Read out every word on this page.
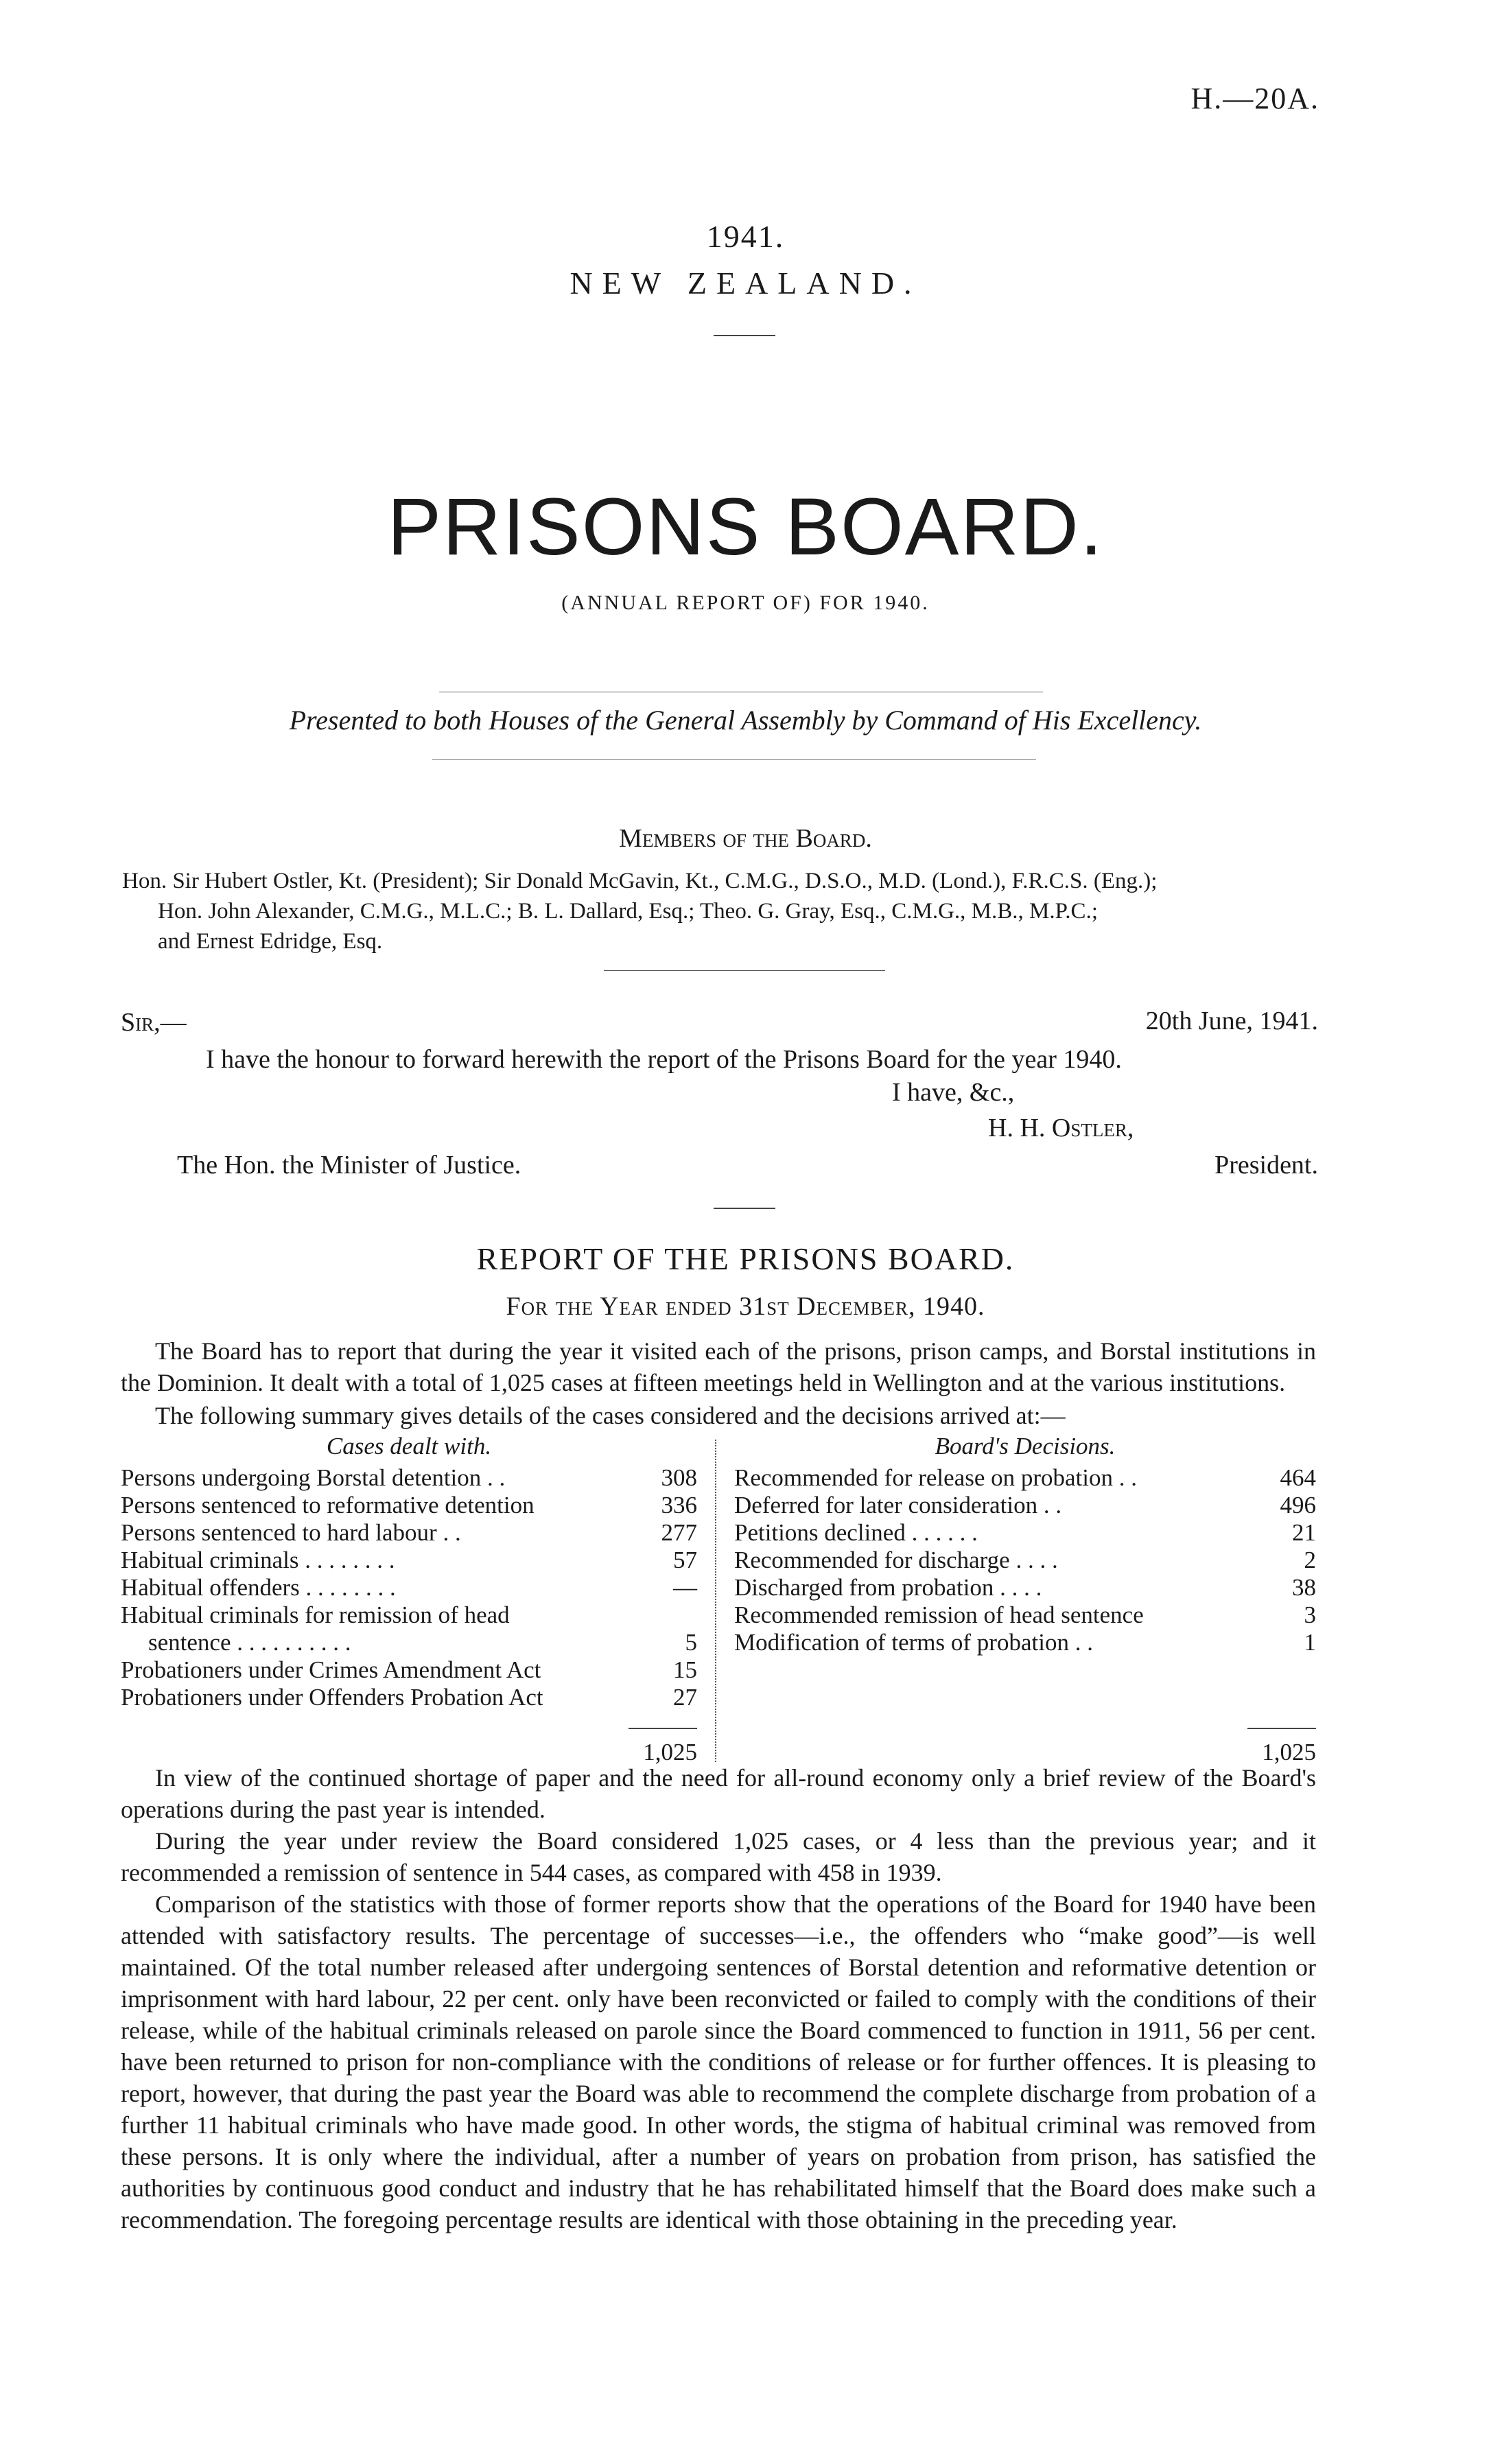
H.—20A.
1941.
NEW ZEALAND.
PRISONS BOARD.
(ANNUAL REPORT OF) FOR 1940.
Presented to both Houses of the General Assembly by Command of His Excellency.
Members of the Board.
Hon. Sir Hubert Ostler, Kt. (President); Sir Donald McGavin, Kt., C.M.G., D.S.O., M.D. (Lond.), F.R.C.S. (Eng.);
Hon. John Alexander, C.M.G., M.L.C.; B. L. Dallard, Esq.; Theo. G. Gray, Esq., C.M.G., M.B., M.P.C.;
and Ernest Edridge, Esq.
Sir,—	20th June, 1941.
I have the honour to forward herewith the report of the Prisons Board for the year 1940.
I have, &c.,
H. H. Ostler,
The Hon. the Minister of Justice.	President.
REPORT OF THE PRISONS BOARD.
For the Year ended 31st December, 1940.
The Board has to report that during the year it visited each of the prisons, prison camps, and Borstal institutions in the Dominion. It dealt with a total of 1,025 cases at fifteen meetings held in Wellington and at the various institutions.
The following summary gives details of the cases considered and the decisions arrived at:—
Cases dealt with.
Persons undergoing Borstal detention . .	308
Persons sentenced to reformative detention	336
Persons sentenced to hard labour . .	277
Habitual criminals . . . . . . . .	57
Habitual offenders . . . . . . . .	—
Habitual criminals for remission of head
sentence . . . . . . . . . .	5
Probationers under Crimes Amendment Act	15
Probationers under Offenders Probation Act	27
1,025
Board's Decisions.
Recommended for release on probation . .	464
Deferred for later consideration . .	496
Petitions declined . . . . . .	21
Recommended for discharge . . . .	2
Discharged from probation . . . .	38
Recommended remission of head sentence	3
Modification of terms of probation . .	1
1,025
In view of the continued shortage of paper and the need for all-round economy only a brief review of the Board's operations during the past year is intended.
During the year under review the Board considered 1,025 cases, or 4 less than the previous year; and it recommended a remission of sentence in 544 cases, as compared with 458 in 1939.
Comparison of the statistics with those of former reports show that the operations of the Board for 1940 have been attended with satisfactory results. The percentage of successes—i.e., the offenders who “make good”—is well maintained. Of the total number released after undergoing sentences of Borstal detention and reformative detention or imprisonment with hard labour, 22 per cent. only have been reconvicted or failed to comply with the conditions of their release, while of the habitual criminals released on parole since the Board commenced to function in 1911, 56 per cent. have been returned to prison for non-compliance with the conditions of release or for further offences. It is pleasing to report, however, that during the past year the Board was able to recommend the complete discharge from probation of a further 11 habitual criminals who have made good. In other words, the stigma of habitual criminal was removed from these persons. It is only where the individual, after a number of years on probation from prison, has satisfied the authorities by continuous good conduct and industry that he has rehabilitated himself that the Board does make such a recommendation. The foregoing percentage results are identical with those obtaining in the preceding year.
